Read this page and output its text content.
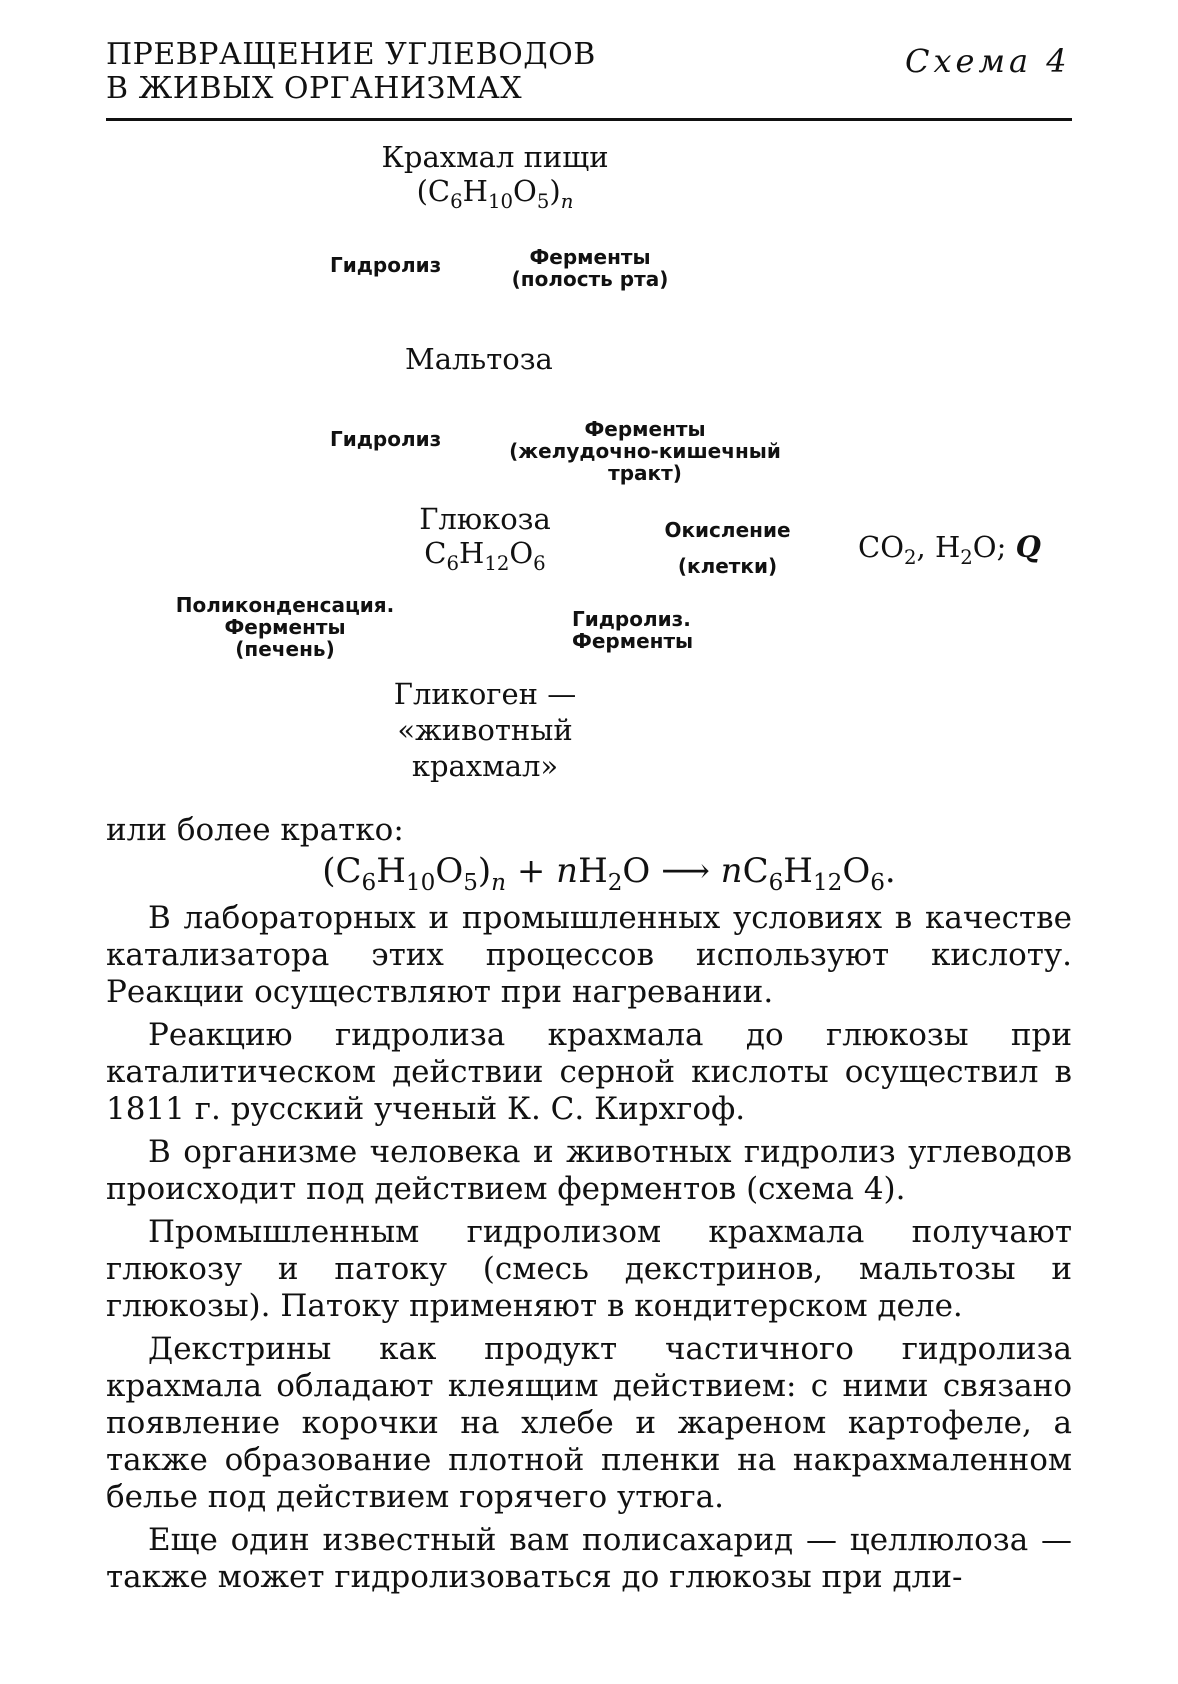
ПРЕВРАЩЕНИЕ УГЛЕВОДОВ
В ЖИВЫХ ОРГАНИЗМАХ
Схема 4
Крахмал пищи
$(C_6H_{10}O_5)_n$
Гидролиз	Ферменты
(полость рта)
Мальтоза
Гидролиз	Ферменты
(желудочно-кишечный
тракт)
Глюкоза
$C_6H_{12}O_6$
Окисление
(клетки)
$CO_2$, $H_2O$; Q
Поликонденсация.
Ферменты
(печень)
Гидролиз.
Ферменты
Гликоген —
«животный
крахмал»

или более кратко:

$(C_6H_{10}O_5)_n + nH_2O$ ⟶ $nC_6H_{12}O_6$.

В лабораторных и промышленных условиях в качестве катализатора этих процессов используют кислоту. Реакции осуществляют при нагревании.

Реакцию гидролиза крахмала до глюкозы при каталитическом действии серной кислоты осуществил в 1811 г. русский ученый К. С. Кирхгоф.

В организме человека и животных гидролиз углеводов происходит под действием ферментов (схема 4).

Промышленным гидролизом крахмала получают глюкозу и патоку (смесь декстринов, мальтозы и глюкозы). Патоку применяют в кондитерском деле.

Декстрины как продукт частичного гидролиза крахмала обладают клеящим действием: с ними связано появление корочки на хлебе и жареном картофеле, а также образование плотной пленки на накрахмаленном белье под действием горячего утюга.

Еще один известный вам полисахарид — целлюлоза — также может гидролизоваться до глюкозы при дли-
